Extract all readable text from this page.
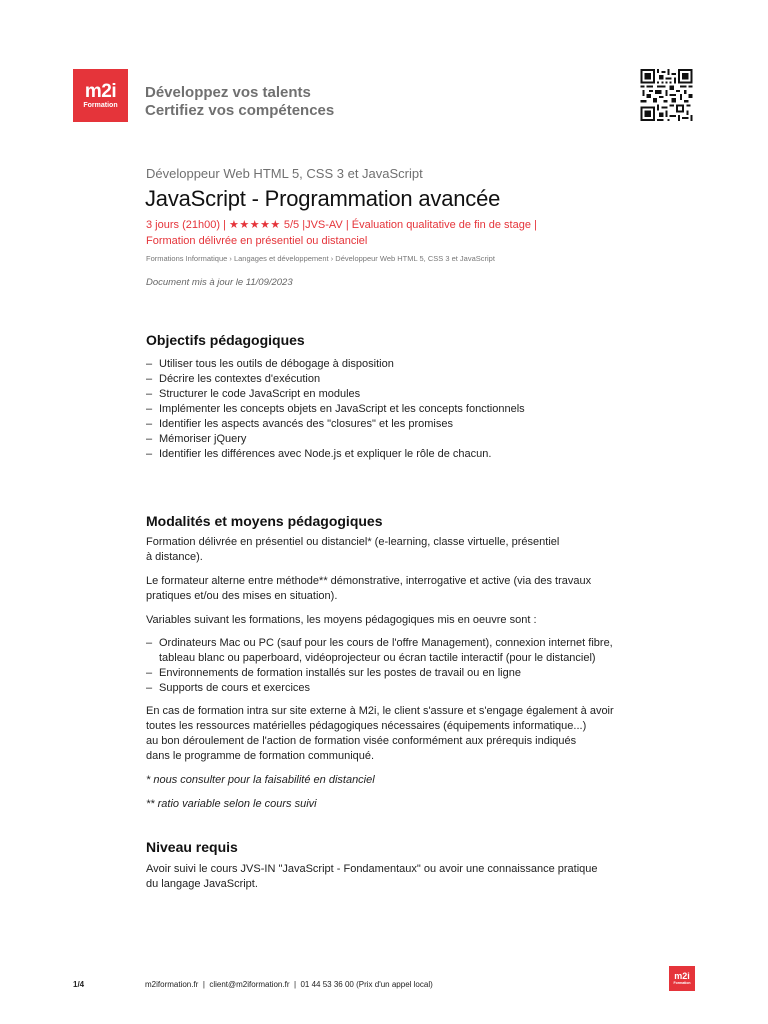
m2i
Formation
Développez vos talents
Certifiez vos compétences
Développeur Web HTML 5, CSS 3 et JavaScript
JavaScript - Programmation avancée
3 jours (21h00) | ★★★★★ 5/5 |JVS-AV | Évaluation qualitative de fin de stage |
Formation délivrée en présentiel ou distanciel
Formations Informatique › Langages et développement › Développeur Web HTML 5, CSS 3 et JavaScript
Document mis à jour le 11/09/2023
Objectifs pédagogiques
– Utiliser tous les outils de débogage à disposition
– Décrire les contextes d'exécution
– Structurer le code JavaScript en modules
– Implémenter les concepts objets en JavaScript et les concepts fonctionnels
– Identifier les aspects avancés des "closures" et les promises
– Mémoriser jQuery
– Identifier les différences avec Node.js et expliquer le rôle de chacun.
Modalités et moyens pédagogiques
Formation délivrée en présentiel ou distanciel* (e-learning, classe virtuelle, présentiel
à distance).
Le formateur alterne entre méthode** démonstrative, interrogative et active (via des travaux
pratiques et/ou des mises en situation).
Variables suivant les formations, les moyens pédagogiques mis en oeuvre sont :
– Ordinateurs Mac ou PC (sauf pour les cours de l'offre Management), connexion internet fibre,
tableau blanc ou paperboard, vidéoprojecteur ou écran tactile interactif (pour le distanciel)
– Environnements de formation installés sur les postes de travail ou en ligne
– Supports de cours et exercices
En cas de formation intra sur site externe à M2i, le client s'assure et s'engage également à avoir
toutes les ressources matérielles pédagogiques nécessaires (équipements informatique...)
au bon déroulement de l'action de formation visée conformément aux prérequis indiqués
dans le programme de formation communiqué.
* nous consulter pour la faisabilité en distanciel
** ratio variable selon le cours suivi
Niveau requis
Avoir suivi le cours JVS-IN "JavaScript - Fondamentaux" ou avoir une connaissance pratique
du langage JavaScript.
1/4	m2iformation.fr | client@m2iformation.fr | 01 44 53 36 00 (Prix d'un appel local)
m2i
Formation
